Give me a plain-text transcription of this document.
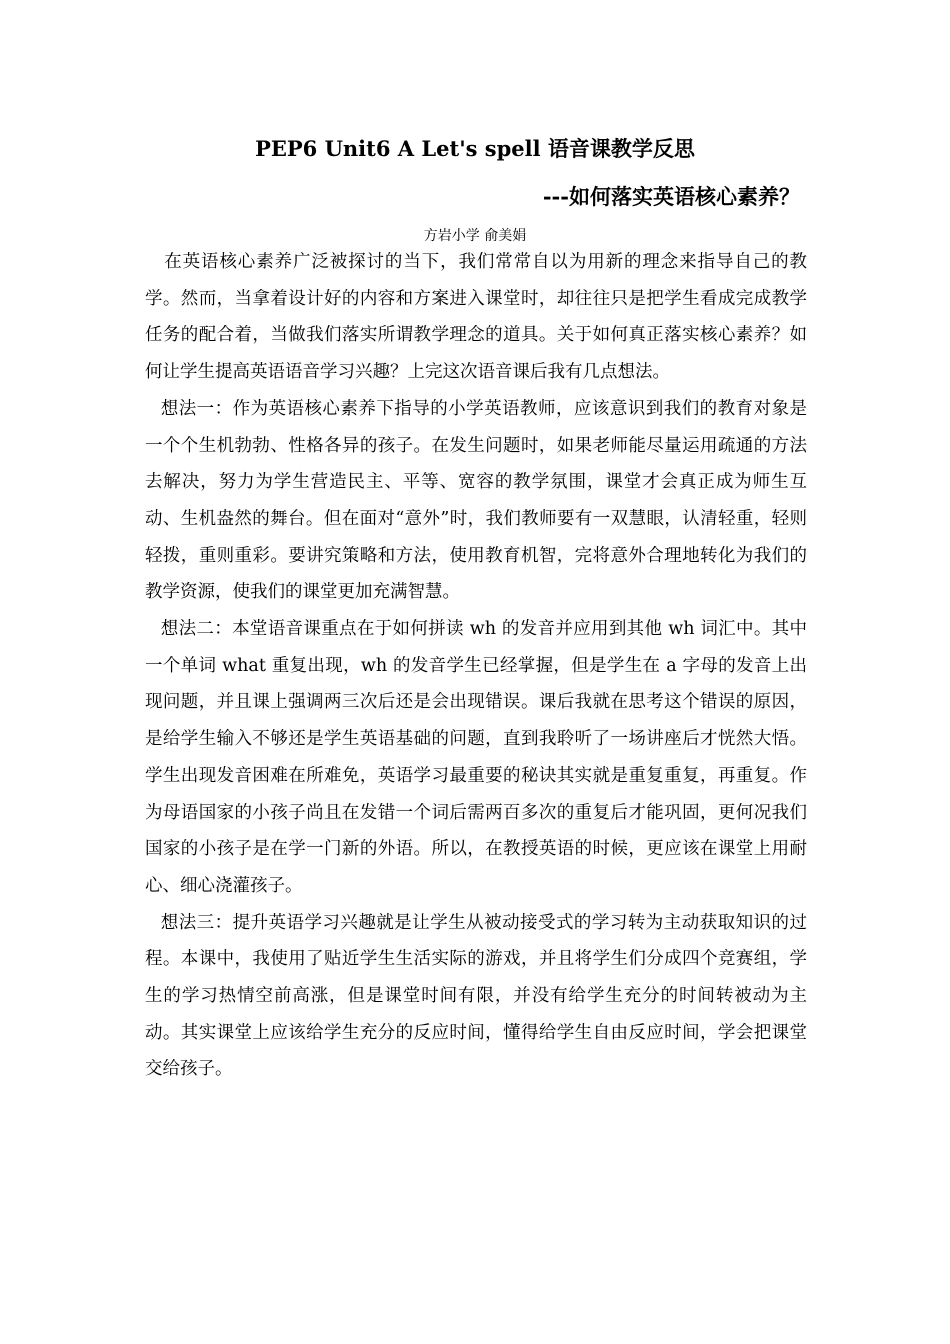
PEP6 Unit6 A Let's spell 语音课教学反思
---如何落实英语核心素养？

方岩小学 俞美娟

在英语核心素养广泛被探讨的当下，我们常常自以为用新的理念来指导自己的教学。然而，当拿着设计好的内容和方案进入课堂时，却往往只是把学生看成完成教学任务的配合着，当做我们落实所谓教学理念的道具。关于如何真正落实核心素养？如何让学生提高英语语音学习兴趣？上完这次语音课后我有几点想法。

想法一：作为英语核心素养下指导的小学英语教师，应该意识到我们的教育对象是一个个生机勃勃、性格各异的孩子。在发生问题时，如果老师能尽量运用疏通的方法去解决，努力为学生营造民主、平等、宽容的教学氛围，课堂才会真正成为师生互动、生机盎然的舞台。但在面对“意外”时，我们教师要有一双慧眼，认清轻重，轻则轻拨，重则重彩。要讲究策略和方法，使用教育机智，完将意外合理地转化为我们的教学资源，使我们的课堂更加充满智慧。

想法二：本堂语音课重点在于如何拼读 wh 的发音并应用到其他 wh 词汇中。其中一个单词 what 重复出现，wh 的发音学生已经掌握，但是学生在 a 字母的发音上出现问题，并且课上强调两三次后还是会出现错误。课后我就在思考这个错误的原因，是给学生输入不够还是学生英语基础的问题，直到我聆听了一场讲座后才恍然大悟。学生出现发音困难在所难免，英语学习最重要的秘诀其实就是重复重复，再重复。作为母语国家的小孩子尚且在发错一个词后需两百多次的重复后才能巩固，更何况我们国家的小孩子是在学一门新的外语。所以，在教授英语的时候，更应该在课堂上用耐心、细心浇灌孩子。

想法三：提升英语学习兴趣就是让学生从被动接受式的学习转为主动获取知识的过程。本课中，我使用了贴近学生生活实际的游戏，并且将学生们分成四个竞赛组，学生的学习热情空前高涨，但是课堂时间有限，并没有给学生充分的时间转被动为主动。其实课堂上应该给学生充分的反应时间，懂得给学生自由反应时间，学会把课堂交给孩子。
